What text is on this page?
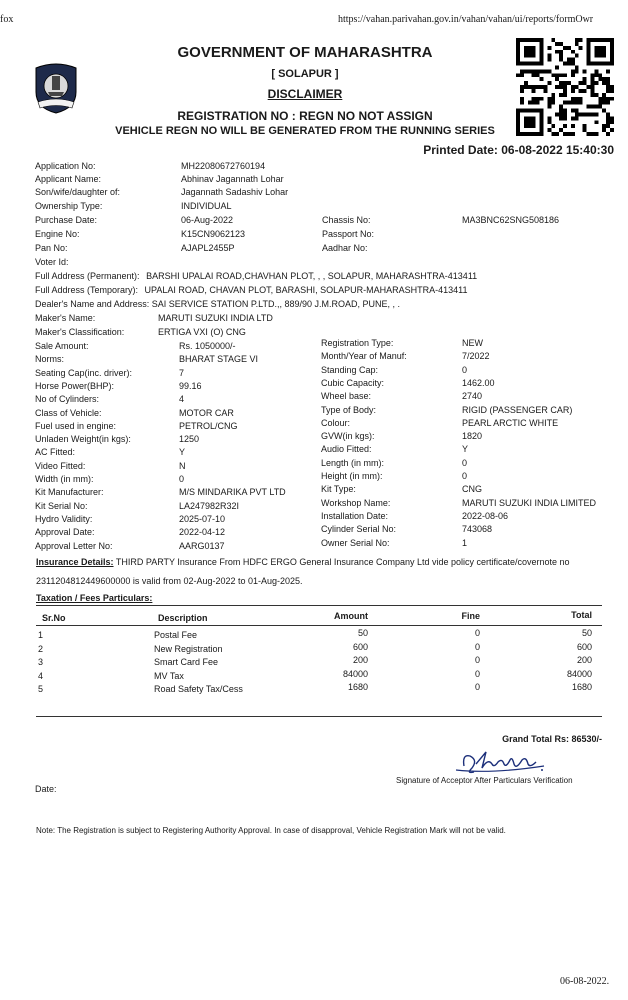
fox	https://vahan.parivahan.gov.in/vahan/vahan/ui/reports/formOwr
GOVERNMENT OF MAHARASHTRA
[ SOLAPUR ]
DISCLAIMER
REGISTRATION NO : REGN NO NOT ASSIGN
VEHICLE REGN NO WILL BE GENERATED FROM THE RUNNING SERIES
Printed Date: 06-08-2022 15:40:30
Application No:	MH22080672760194
Applicant Name:	Abhinav Jagannath Lohar
Son/wife/daughter of:	Jagannath Sadashiv Lohar
Ownership Type:	INDIVIDUAL
Purchase Date:	06-Aug-2022
Engine No:	K15CN9062123
Pan No:	AJAPL2455P
Voter Id:
Chassis No:	MA3BNC62SNG508186
Passport No:
Aadhar No:
Full Address (Permanent): BARSHI UPALAI ROAD,CHAVHAN PLOT, , , SOLAPUR, MAHARASHTRA-413411
Full Address (Temporary): UPALAI ROAD, CHAVAN PLOT, BARASHI, SOLAPUR-MAHARASHTRA-413411
Dealer's Name and Address: SAI SERVICE STATION P.LTD.,, 889/90 J.M.ROAD, PUNE, , .
Maker's Name:	MARUTI SUZUKI INDIA LTD
Maker's Classification:	ERTIGA VXI (O) CNG
Sale Amount:	Rs. 1050000/-
Norms:	BHARAT STAGE VI
Seating Cap(inc. driver):	7
Horse Power(BHP):	99.16
No of Cylinders:	4
Class of Vehicle:	MOTOR CAR
Fuel used in engine:	PETROL/CNG
Unladen Weight(in kgs):	1250
AC Fitted:	Y
Video Fitted:	N
Width (in mm):	0
Kit Manufacturer:	M/S MINDARIKA PVT LTD
Kit Serial No:	LA247982R32I
Hydro Validity:	2025-07-10
Approval Date:	2022-04-12
Approval Letter No:	AARG0137
Registration Type:	NEW
Month/Year of Manuf:	7/2022
Standing Cap:	0
Cubic Capacity:	1462.00
Wheel base:	2740
Type of Body:	RIGID (PASSENGER CAR)
Colour:	PEARL ARCTIC WHITE
GVW(in kgs):	1820
Audio Fitted:	Y
Length (in mm):	0
Height (in mm):	0
Kit Type:	CNG
Workshop Name:	MARUTI SUZUKI INDIA LIMITED
Installation Date:	2022-08-06
Cylinder Serial No:	743068
Owner Serial No:	1
Insurance Details: THIRD PARTY Insurance From HDFC ERGO General Insurance Company Ltd vide policy certificate/covernote no
2311204812449600000 is valid from 02-Aug-2022 to 01-Aug-2025.
Taxation / Fees Particulars:
Sr.No	Description	Amount	Fine	Total
1	Postal Fee	50	0	50
2	New Registration	600	0	600
3	Smart Card Fee	200	0	200
4	MV Tax	84000	0	84000
5	Road Safety Tax/Cess	1680	0	1680
Grand Total Rs: 86530/-
Signature of Acceptor After Particulars Verification
Date:
Note: The Registration is subject to Registering Authority Approval. In case of disapproval, Vehicle Registration Mark will not be valid.
06-08-2022.
